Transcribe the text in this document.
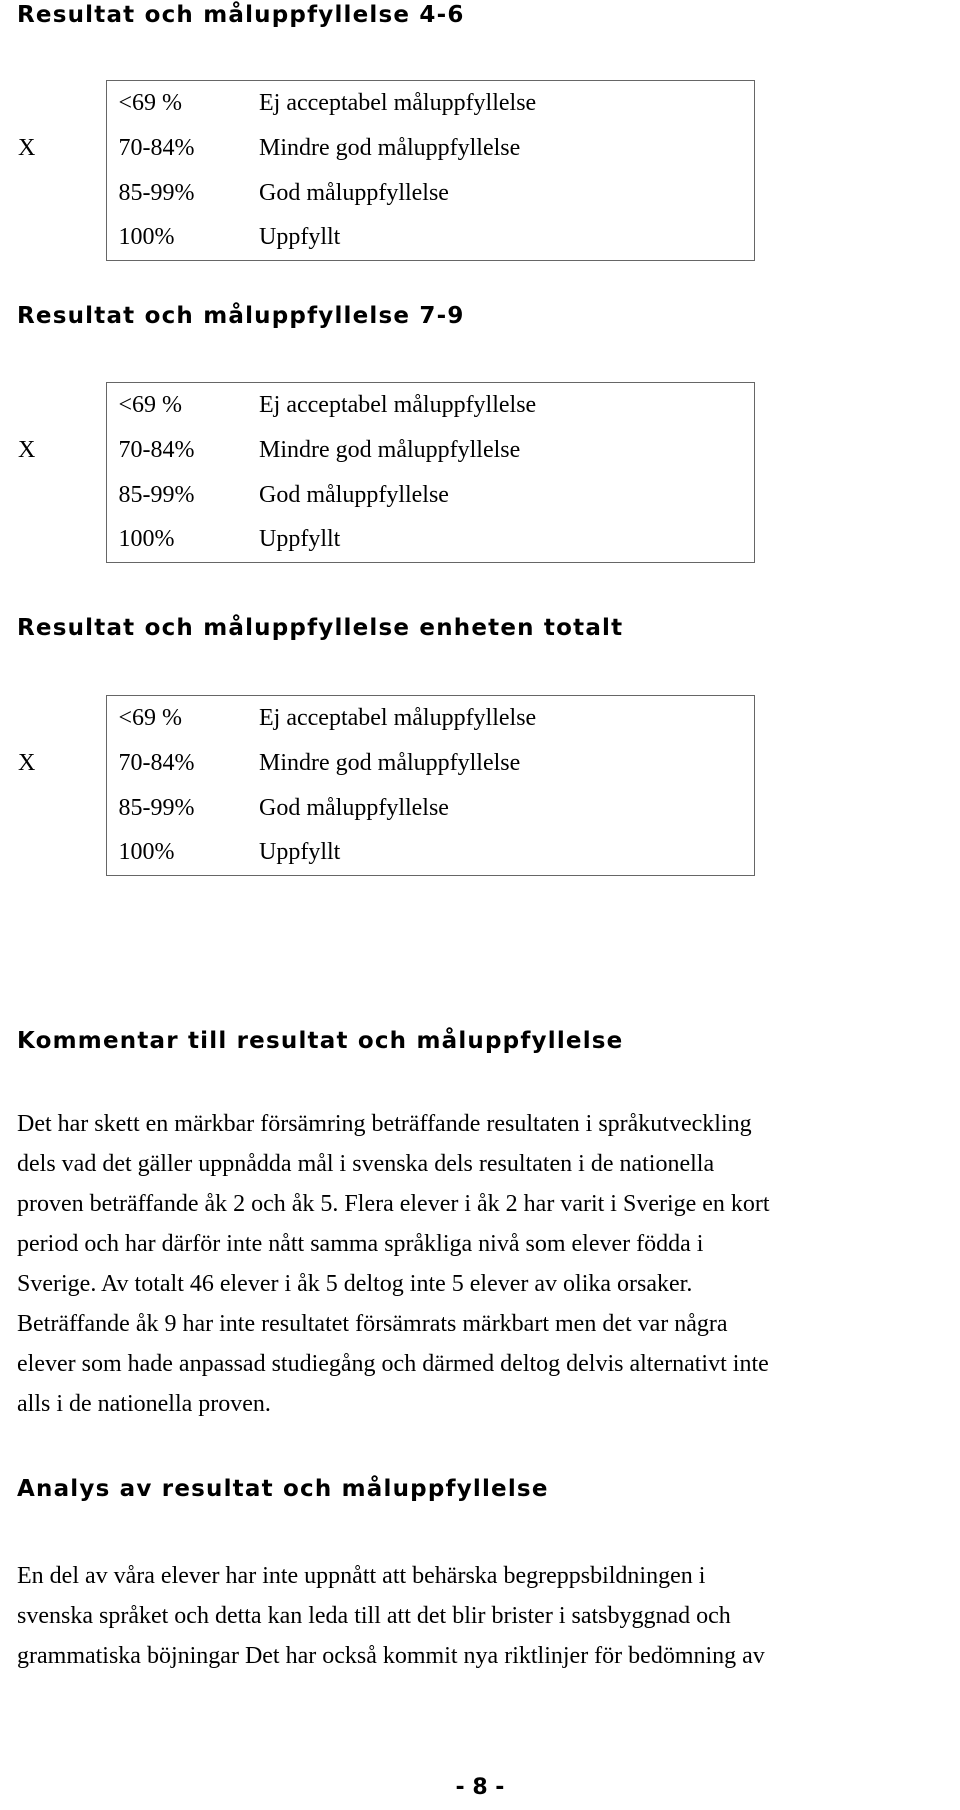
Resultat och måluppfyllelse 4-6
	<69 %	Ej acceptabel måluppfyllelse
X	70-84%	Mindre god måluppfyllelse
	85-99%	God måluppfyllelse
	100%	Uppfyllt
Resultat och måluppfyllelse 7-9
	<69 %	Ej acceptabel måluppfyllelse
X	70-84%	Mindre god måluppfyllelse
	85-99%	God måluppfyllelse
	100%	Uppfyllt
Resultat och måluppfyllelse enheten totalt
	<69 %	Ej acceptabel måluppfyllelse
X	70-84%	Mindre god måluppfyllelse
	85-99%	God måluppfyllelse
	100%	Uppfyllt
Kommentar till resultat och måluppfyllelse
Det har skett en märkbar försämring beträffande resultaten i språkutveckling
dels vad det gäller uppnådda mål i svenska dels resultaten i de nationella
proven beträffande åk 2 och åk 5. Flera elever i åk 2 har varit i Sverige en kort
period och har därför inte nått samma språkliga nivå som elever födda i
Sverige. Av totalt 46 elever i åk 5 deltog inte 5 elever av olika orsaker.
Beträffande åk 9 har inte resultatet försämrats märkbart men det var några
elever som hade anpassad studiegång och därmed deltog delvis alternativt inte
alls i de nationella proven.
Analys av resultat och måluppfyllelse
En del av våra elever har inte uppnått att behärska begreppsbildningen i
svenska språket och detta kan leda till att det blir brister i satsbyggnad och
grammatiska böjningar Det har också kommit nya riktlinjer för bedömning av

- 8 -
